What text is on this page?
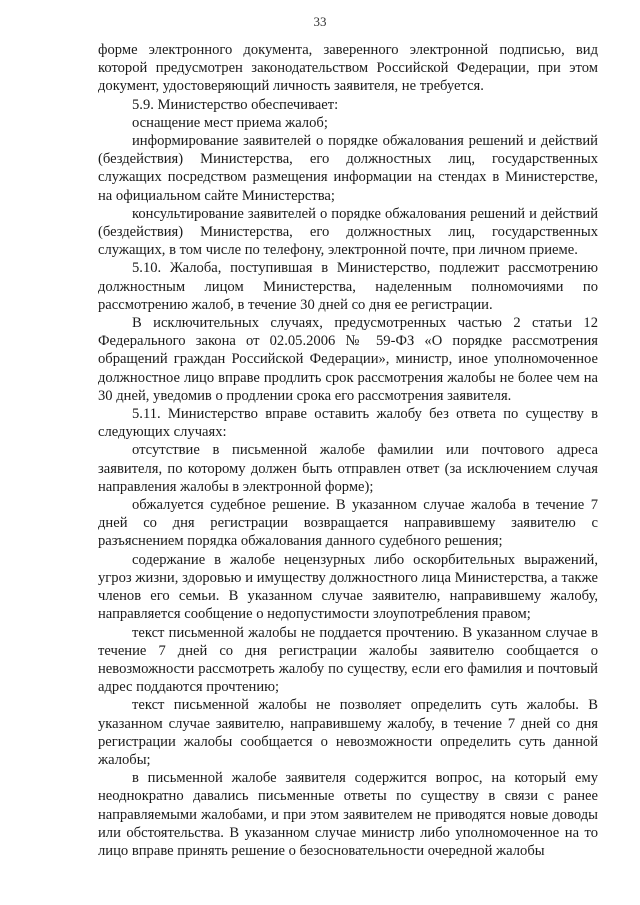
33

форме электронного документа, заверенного электронной подписью, вид которой предусмотрен законодательством Российской Федерации, при этом документ, удостоверяющий личность заявителя, не требуется.

5.9. Министерство обеспечивает:

оснащение мест приема жалоб;

информирование заявителей о порядке обжалования решений и действий (бездействия) Министерства, его должностных лиц, государственных служащих посредством размещения информации на стендах в Министерстве, на официальном сайте Министерства;

консультирование заявителей о порядке обжалования решений и действий (бездействия) Министерства, его должностных лиц, государственных служащих, в том числе по телефону, электронной почте, при личном приеме.

5.10. Жалоба, поступившая в Министерство, подлежит рассмотрению должностным лицом Министерства, наделенным полномочиями по рассмотрению жалоб, в течение 30 дней со дня ее регистрации.

В исключительных случаях, предусмотренных частью 2 статьи 12 Федерального закона от 02.05.2006 № 59-ФЗ «О порядке рассмотрения обращений граждан Российской Федерации», министр, иное уполномоченное должностное лицо вправе продлить срок рассмотрения жалобы не более чем на 30 дней, уведомив о продлении срока его рассмотрения заявителя.

5.11. Министерство вправе оставить жалобу без ответа по существу в следующих случаях:

отсутствие в письменной жалобе фамилии или почтового адреса заявителя, по которому должен быть отправлен ответ (за исключением случая направления жалобы в электронной форме);

обжалуется судебное решение. В указанном случае жалоба в течение 7 дней со дня регистрации возвращается направившему заявителю с разъяснением порядка обжалования данного судебного решения;

содержание в жалобе нецензурных либо оскорбительных выражений, угроз жизни, здоровью и имуществу должностного лица Министерства, а также членов его семьи. В указанном случае заявителю, направившему жалобу, направляется сообщение о недопустимости злоупотребления правом;

текст письменной жалобы не поддается прочтению. В указанном случае в течение 7 дней со дня регистрации жалобы заявителю сообщается о невозможности рассмотреть жалобу по существу, если его фамилия и почтовый адрес поддаются прочтению;

текст письменной жалобы не позволяет определить суть жалобы. В указанном случае заявителю, направившему жалобу, в течение 7 дней со дня регистрации жалобы сообщается о невозможности определить суть данной жалобы;

в письменной жалобе заявителя содержится вопрос, на который ему неоднократно давались письменные ответы по существу в связи с ранее направляемыми жалобами, и при этом заявителем не приводятся новые доводы или обстоятельства. В указанном случае министр либо уполномоченное на то лицо вправе принять решение о безосновательности очередной жалобы
